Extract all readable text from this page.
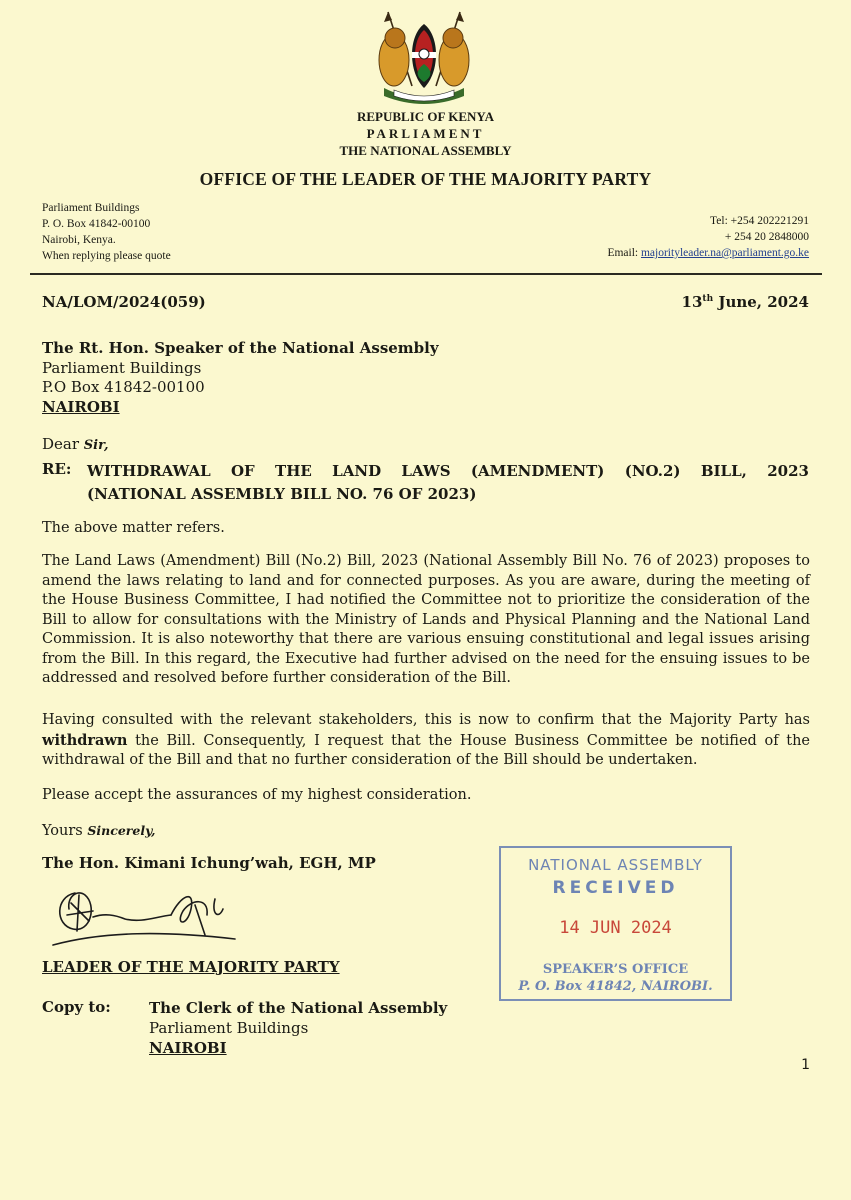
REPUBLIC OF KENYA
PARLIAMENT
THE NATIONAL ASSEMBLY
OFFICE OF THE LEADER OF THE MAJORITY PARTY
Parliament Buildings
P. O. Box 41842-00100
Nairobi, Kenya.
When replying please quote
Tel: +254 202221291
+ 254 20 2848000
Email: majorityleader.na@parliament.go.ke
NA/LOM/2024(059)	13th June, 2024
The Rt. Hon. Speaker of the National Assembly
Parliament Buildings
P.O Box 41842-00100
NAIROBI
Dear Sir,
RE: WITHDRAWAL OF THE LAND LAWS (AMENDMENT) (NO.2) BILL, 2023
(NATIONAL ASSEMBLY BILL NO. 76 OF 2023)
The above matter refers.
The Land Laws (Amendment) Bill (No.2) Bill, 2023 (National Assembly Bill No. 76 of 2023) proposes to amend the laws relating to land and for connected purposes. As you are aware, during the meeting of the House Business Committee, I had notified the Committee not to prioritize the consideration of the Bill to allow for consultations with the Ministry of Lands and Physical Planning and the National Land Commission. It is also noteworthy that there are various ensuing constitutional and legal issues arising from the Bill. In this regard, the Executive had further advised on the need for the ensuing issues to be addressed and resolved before further consideration of the Bill.
Having consulted with the relevant stakeholders, this is now to confirm that the Majority Party has withdrawn the Bill. Consequently, I request that the House Business Committee be notified of the withdrawal of the Bill and that no further consideration of the Bill should be undertaken.
Please accept the assurances of my highest consideration.
Yours Sincerely,
The Hon. Kimani Ichung’wah, EGH, MP
LEADER OF THE MAJORITY PARTY
Copy to:	The Clerk of the National Assembly
Parliament Buildings
NAIROBI
NATIONAL ASSEMBLY
RECEIVED
14 JUN 2024
SPEAKER’S OFFICE
P. O. Box 41842, NAIROBI.
1
